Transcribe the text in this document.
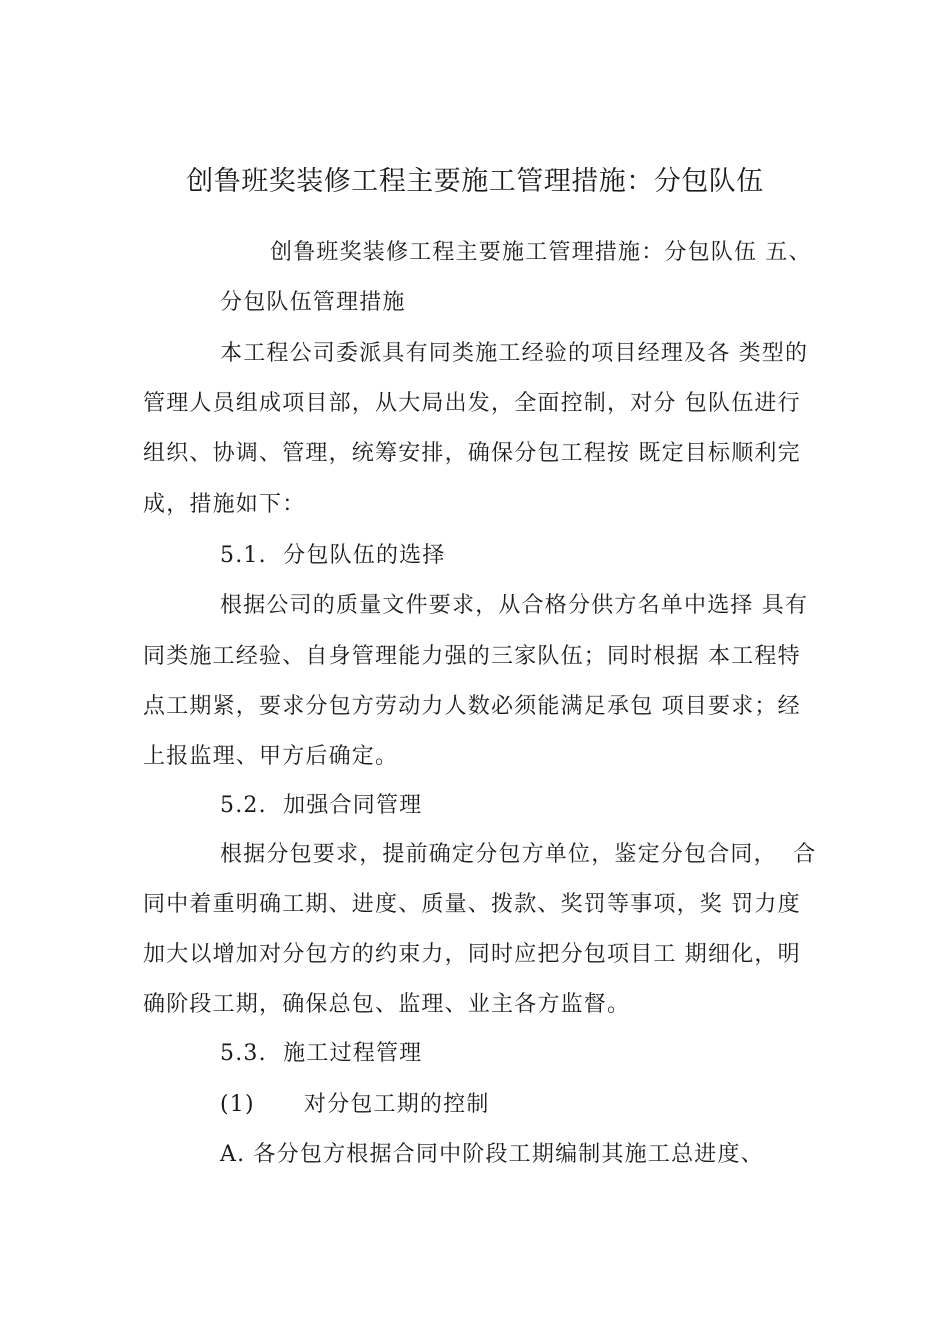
创鲁班奖装修工程主要施工管理措施：分包队伍
创鲁班奖装修工程主要施工管理措施：分包队伍 五、
分包队伍管理措施
本工程公司委派具有同类施工经验的项目经理及各 类型的
管理人员组成项目部，从大局出发，全面控制，对分 包队伍进行
组织、协调、管理，统筹安排，确保分包工程按 既定目标顺利完
成，措施如下：
5.1.  分包队伍的选择
根据公司的质量文件要求，从合格分供方名单中选择 具有
同类施工经验、自身管理能力强的三家队伍；同时根据 本工程特
点工期紧，要求分包方劳动力人数必须能满足承包 项目要求；经
上报监理、甲方后确定。
5.2.  加强合同管理
根据分包要求，提前确定分包方单位，鉴定分包合同，  合
同中着重明确工期、进度、质量、拨款、奖罚等事项，奖 罚力度
加大以增加对分包方的约束力，同时应把分包项目工 期细化，明
确阶段工期，确保总包、监理、业主各方监督。
5.3.  施工过程管理
(1)      对分包工期的控制
A. 各分包方根据合同中阶段工期编制其施工总进度、
